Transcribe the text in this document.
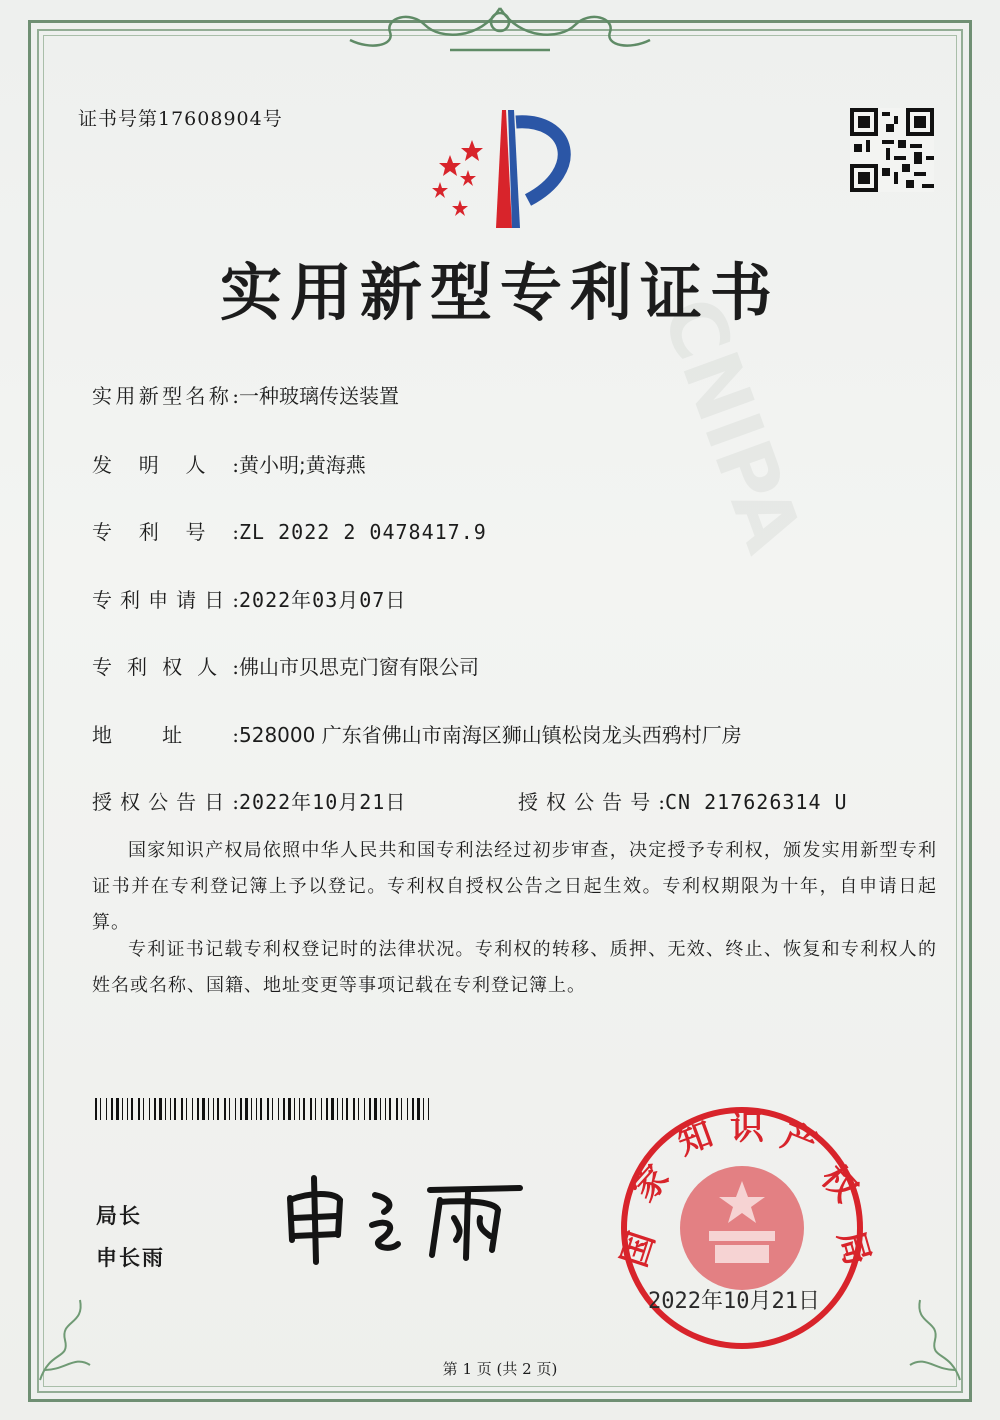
CNIPA
证书号第17608904号
实用新型专利证书
实用新型名称:一种玻璃传送装置
发明人:黄小明;黄海燕
专利号:ZL 2022 2 0478417.9
专利申请日:2022年03月07日
专利权人:佛山市贝思克门窗有限公司
地址:528000 广东省佛山市南海区狮山镇松岗龙头西鸦村厂房
授权公告日:2022年10月21日	授权公告号:CN 217626314 U
国家知识产权局依照中华人民共和国专利法经过初步审查，决定授予专利权，颁发实用新型专利证书并在专利登记簿上予以登记。专利权自授权公告之日起生效。专利权期限为十年，自申请日起算。
专利证书记载专利权登记时的法律状况。专利权的转移、质押、无效、终止、恢复和专利权人的姓名或名称、国籍、地址变更等事项记载在专利登记簿上。
局长
申长雨	国
家
知 识 产
权
局
2022年10月21日
第 1 页 (共 2 页)
